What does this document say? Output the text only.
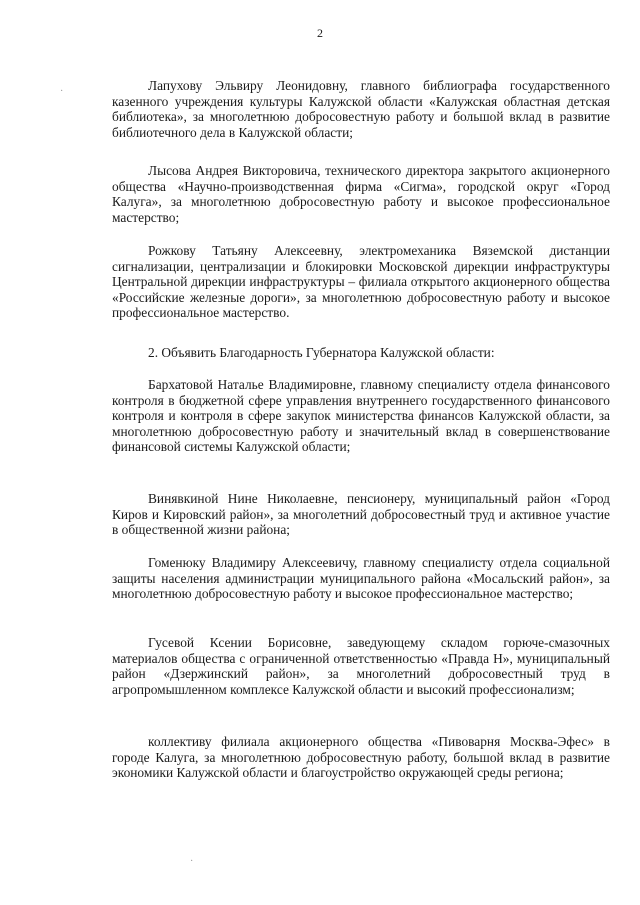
2

Лапухову Эльвиру Леонидовну, главного библиографа государственного казенного учреждения культуры Калужской области «Калужская областная детская библиотека», за многолетнюю добросовестную работу и большой вклад в развитие библиотечного дела в Калужской области;

Лысова Андрея Викторовича, технического директора закрытого акционерного общества «Научно-производственная фирма «Сигма», городской округ «Город Калуга», за многолетнюю добросовестную работу и высокое профессиональное мастерство;

Рожкову Татьяну Алексеевну, электромеханика Вяземской дистанции сигнализации, централизации и блокировки Московской дирекции инфраструктуры Центральной дирекции инфраструктуры – филиала открытого акционерного общества «Российские железные дороги», за многолетнюю добросовестную работу и высокое профессиональное мастерство.

2. Объявить Благодарность Губернатора Калужской области:

Бархатовой Наталье Владимировне, главному специалисту отдела финансового контроля в бюджетной сфере управления внутреннего государственного финансового контроля и контроля в сфере закупок министерства финансов Калужской области, за многолетнюю добросовестную работу и значительный вклад в совершенствование финансовой системы Калужской области;

Винявкиной Нине Николаевне, пенсионеру, муниципальный район «Город Киров и Кировский район», за многолетний добросовестный труд и активное участие в общественной жизни района;

Гоменюку Владимиру Алексеевичу, главному специалисту отдела социальной защиты населения администрации муниципального района «Мосальский район», за многолетнюю добросовестную работу и высокое профессиональное мастерство;

Гусевой Ксении Борисовне, заведующему складом горюче-смазочных материалов общества с ограниченной ответственностью «Правда Н», муниципальный район «Дзержинский район», за многолетний добросовестный труд в агропромышленном комплексе Калужской области и высокий профессионализм;

коллективу филиала акционерного общества «Пивоварня Москва-Эфес» в городе Калуга, за многолетнюю добросовестную работу, большой вклад в развитие экономики Калужской области и благоустройство окружающей среды региона;

·
·
